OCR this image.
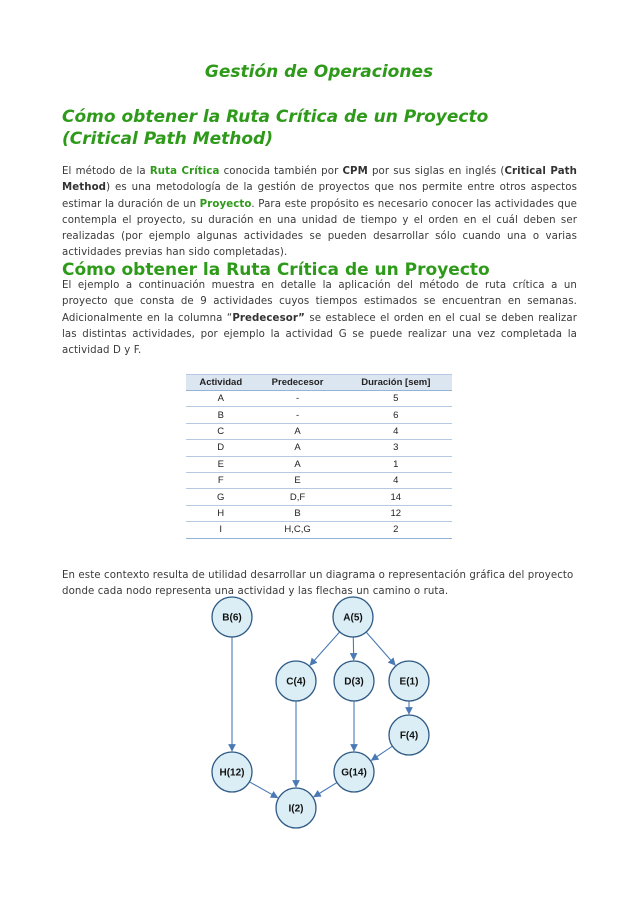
Gestión de Operaciones
Cómo obtener la Ruta Crítica de un Proyecto
(Critical Path Method)

El método de la Ruta Crítica conocida también por CPM por sus siglas en inglés (Critical Path Method) es una metodología de la gestión de proyectos que nos permite entre otros aspectos estimar la duración de un Proyecto. Para este propósito es necesario conocer las actividades que contempla el proyecto, su duración en una unidad de tiempo y el orden en el cuál deben ser realizadas (por ejemplo algunas actividades se pueden desarrollar sólo cuando una o varias actividades previas han sido completadas).

Cómo obtener la Ruta Crítica de un Proyecto

El ejemplo a continuación muestra en detalle la aplicación del método de ruta crítica a un proyecto que consta de 9 actividades cuyos tiempos estimados se encuentran en semanas. Adicionalmente en la columna “Predecesor” se establece el orden en el cual se deben realizar las distintas actividades, por ejemplo la actividad G se puede realizar una vez completada la actividad D y F.

Actividad	Predecesor	Duración [sem]
A	-	5
B	-	6
C	A	4
D	A	3
E	A	1
F	E	4
G	D,F	14
H	B	12
I	H,C,G	2

En este contexto resulta de utilidad desarrollar un diagrama o representación gráfica del proyecto donde cada nodo representa una actividad y las flechas un camino o ruta.

B(6)	A(5)
C(4)	D(3)	E(1)
F(4)
H(12)	G(14)
I(2)
